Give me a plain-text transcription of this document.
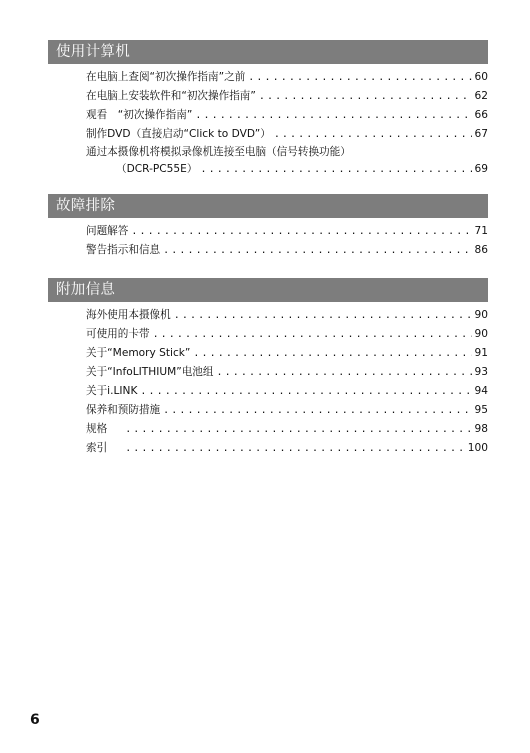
使用计算机
在电脑上查阅“初次操作指南”之前 .....	60
在电脑上安装软件和“初次操作指南” .....	62
观看　“初次操作指南” .....	66
制作DVD（直接启动“Click to DVD”） .....	67
通过本摄像机将模拟录像机连接至电脑（信号转换功能）
（DCR-PC55E） .....	69
故障排除
问题解答 .....	71
警告指示和信息 .....	86
附加信息
海外使用本摄像机 .....	90
可使用的卡带 .....	90
关于“Memory Stick” .....	91
关于“InfoLITHIUM”电池组 .....	93
关于i.LINK .....	94
保养和预防措施 .....	95
规格 .....	98
索引 .....	100
6
